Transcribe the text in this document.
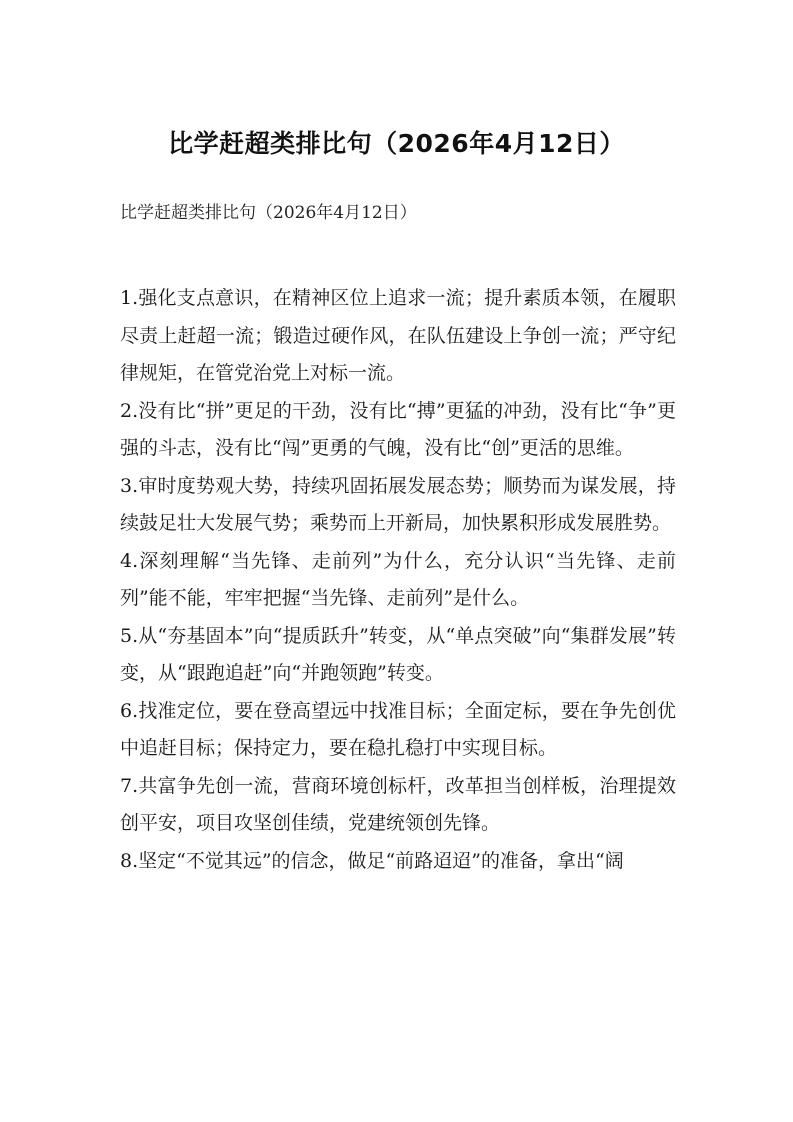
比学赶超类排比句（2026年4月12日）

比学赶超类排比句（2026年4月12日）

1.强化支点意识，在精神区位上追求一流；提升素质本领，在履职尽责上赶超一流；锻造过硬作风，在队伍建设上争创一流；严守纪律规矩，在管党治党上对标一流。

2.没有比“拼”更足的干劲，没有比“搏”更猛的冲劲，没有比“争”更强的斗志，没有比“闯”更勇的气魄，没有比“创”更活的思维。

3.审时度势观大势，持续巩固拓展发展态势；顺势而为谋发展，持续鼓足壮大发展气势；乘势而上开新局，加快累积形成发展胜势。

4.深刻理解“当先锋、走前列”为什么，充分认识“当先锋、走前列”能不能，牢牢把握“当先锋、走前列”是什么。

5.从“夯基固本”向“提质跃升”转变，从“单点突破”向“集群发展”转变，从“跟跑追赶”向“并跑领跑”转变。

6.找准定位，要在登高望远中找准目标；全面定标，要在争先创优中追赶目标；保持定力，要在稳扎稳打中实现目标。

7.共富争先创一流，营商环境创标杆，改革担当创样板，治理提效创平安，项目攻坚创佳绩，党建统领创先锋。

8.坚定“不觉其远”的信念，做足“前路迢迢”的准备，拿出“阔
